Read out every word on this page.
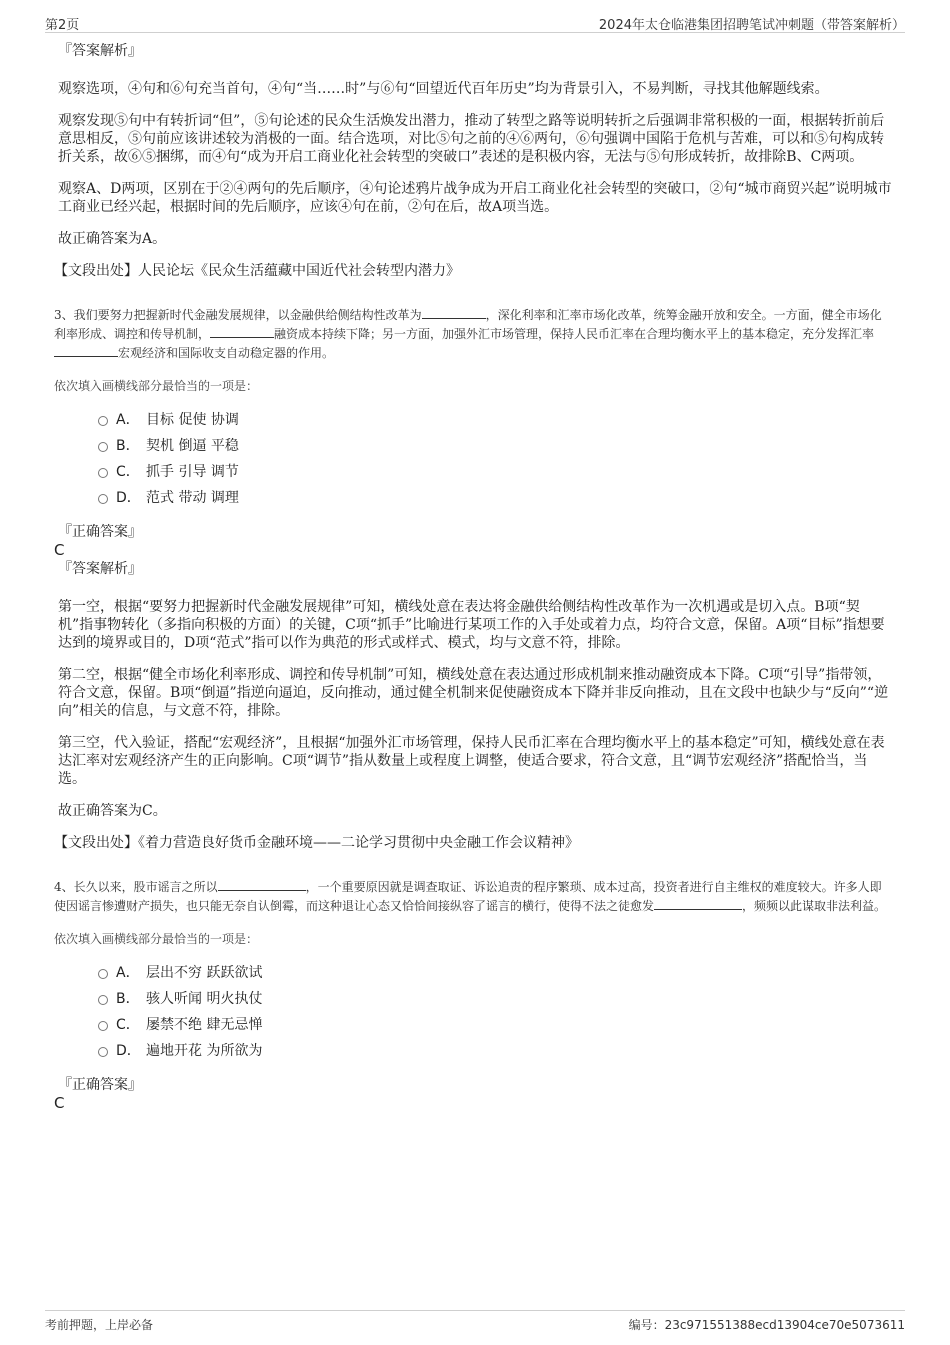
第2页	2024年太仓临港集团招聘笔试冲刺题（带答案解析）

『答案解析』

观察选项，④句和⑥句充当首句，④句“当……时”与⑥句“回望近代百年历史”均为背景引入，不易判断，寻找其他解题线索。

观察发现⑤句中有转折词“但”，⑤句论述的民众生活焕发出潜力，推动了转型之路等说明转折之后强调非常积极的一面，根据转折前后意思相反，⑤句前应该讲述较为消极的一面。结合选项，对比⑤句之前的④⑥两句，⑥句强调中国陷于危机与苦难，可以和⑤句构成转折关系，故⑥⑤捆绑，而④句“成为开启工商业化社会转型的突破口”表述的是积极内容，无法与⑤句形成转折，故排除B、C两项。

观察A、D两项，区别在于②④两句的先后顺序，④句论述鸦片战争成为开启工商业化社会转型的突破口，②句“城市商贸兴起”说明城市工商业已经兴起，根据时间的先后顺序，应该④句在前，②句在后，故A项当选。

故正确答案为A。

【文段出处】人民论坛《民众生活蕴藏中国近代社会转型内潜力》

3、我们要努力把握新时代金融发展规律，以金融供给侧结构性改革为	，深化利率和汇率市场化改革，统筹金融开放和安全。一方面，健全市场化利率形成、调控和传导机制，	融资成本持续下降；另一方面，加强外汇市场管理，保持人民币汇率在合理均衡水平上的基本稳定，充分发挥汇率宏观经济和国际收支自动稳定器的作用。

依次填入画横线部分最恰当的一项是：

A． 目标 促使 协调
B． 契机 倒逼 平稳
C． 抓手 引导 调节
D． 范式 带动 调理

『正确答案』

C

『答案解析』

第一空，根据“要努力把握新时代金融发展规律”可知，横线处意在表达将金融供给侧结构性改革作为一次机遇或是切入点。B项“契机”指事物转化（多指向积极的方面）的关键，C项“抓手”比喻进行某项工作的入手处或着力点，均符合文意，保留。A项“目标”指想要达到的境界或目的，D项“范式”指可以作为典范的形式或样式、模式，均与文意不符，排除。

第二空，根据“健全市场化利率形成、调控和传导机制”可知，横线处意在表达通过形成机制来推动融资成本下降。C项“引导”指带领，符合文意，保留。B项“倒逼”指逆向逼迫，反向推动，通过健全机制来促使融资成本下降并非反向推动，且在文段中也缺少与“反向”“逆向”相关的信息，与文意不符，排除。

第三空，代入验证，搭配“宏观经济”，且根据“加强外汇市场管理，保持人民币汇率在合理均衡水平上的基本稳定”可知，横线处意在表达汇率对宏观经济产生的正向影响。C项“调节”指从数量上或程度上调整，使适合要求，符合文意，且“调节宏观经济”搭配恰当，当选。

故正确答案为C。

【文段出处】《着力营造良好货币金融环境——二论学习贯彻中央金融工作会议精神》

4、长久以来，股市谣言之所以	，一个重要原因就是调查取证、诉讼追责的程序繁琐、成本过高，投资者进行自主维权的难度较大。许多人即使因谣言惨遭财产损失，也只能无奈自认倒霉，而这种退让心态又恰恰间接纵容了谣言的横行，使得不法之徒愈发	，频频以此谋取非法利益。

依次填入画横线部分最恰当的一项是：

A． 层出不穷 跃跃欲试
B． 骇人听闻 明火执仗
C． 屡禁不绝 肆无忌惮
D． 遍地开花 为所欲为

『正确答案』

C

考前押题，上岸必备	编号：23c971551388ecd13904ce70e5073611
